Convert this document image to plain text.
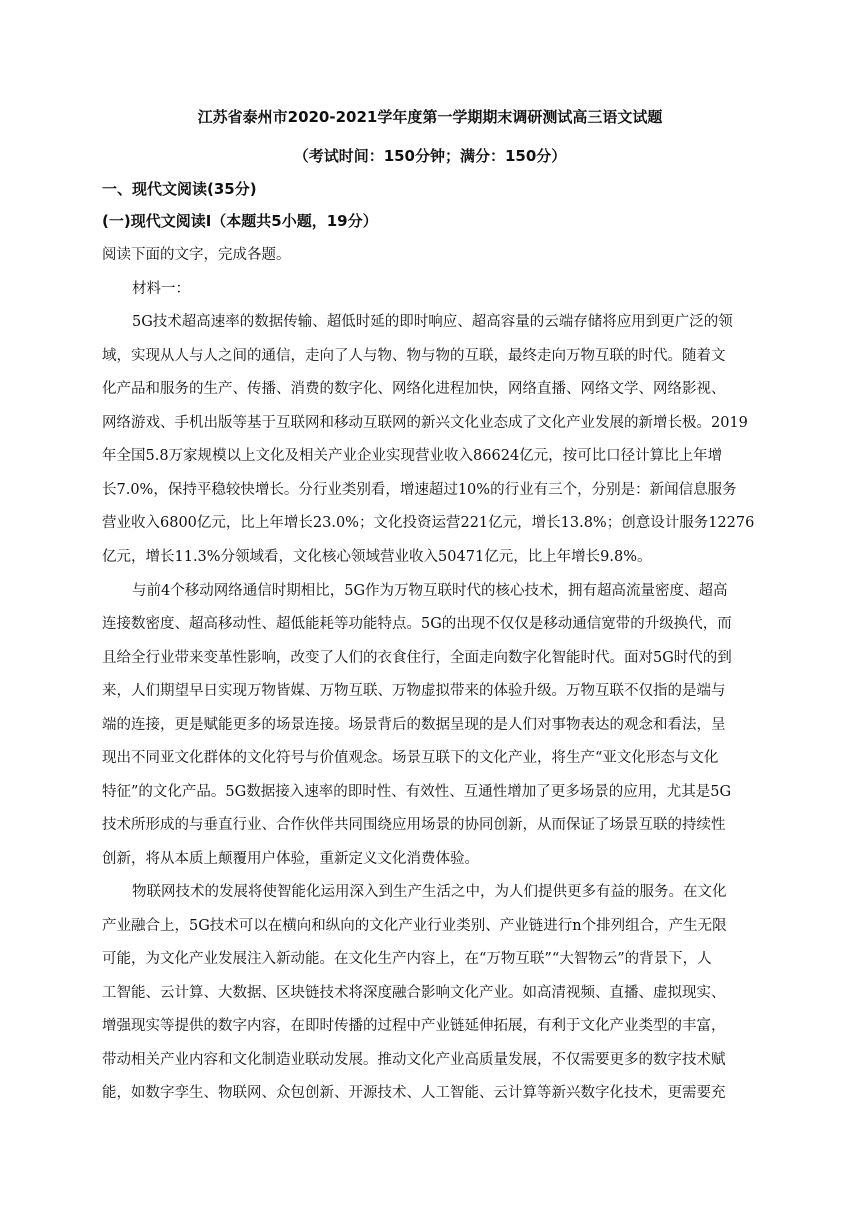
江苏省泰州市2020-2021学年度第一学期期末调研测试高三语文试题
（考试时间：150分钟；满分：150分）
一、现代文阅读(35分)
(一)现代文阅读Ⅰ（本题共5小题，19分）
阅读下面的文字，完成各题。
材料一：
5G技术超高速率的数据传输、超低时延的即时响应、超高容量的云端存储将应用到更广泛的领
域，实现从人与人之间的通信，走向了人与物、物与物的互联，最终走向万物互联的时代。随着文
化产品和服务的生产、传播、消费的数字化、网络化进程加快，网络直播、网络文学、网络影视、
网络游戏、手机出版等基于互联网和移动互联网的新兴文化业态成了文化产业发展的新增长极。2019
年全国5.8万家规模以上文化及相关产业企业实现营业收入86624亿元，按可比口径计算比上年增
长7.0%，保持平稳较快增长。分行业类别看，增速超过10%的行业有三个，分别是：新闻信息服务
营业收入6800亿元，比上年增长23.0%；文化投资运营221亿元，增长13.8%；创意设计服务12276
亿元，增长11.3%分领域看，文化核心领域营业收入50471亿元，比上年增长9.8%。
与前4个移动网络通信时期相比，5G作为万物互联时代的核心技术，拥有超高流量密度、超高
连接数密度、超高移动性、超低能耗等功能特点。5G的出现不仅仅是移动通信宽带的升级换代，而
且给全行业带来变革性影响，改变了人们的衣食住行，全面走向数字化智能时代。面对5G时代的到
来，人们期望早日实现万物皆媒、万物互联、万物虚拟带来的体验升级。万物互联不仅指的是端与
端的连接，更是赋能更多的场景连接。场景背后的数据呈现的是人们对事物表达的观念和看法，呈
现出不同亚文化群体的文化符号与价值观念。场景互联下的文化产业，将生产“亚文化形态与文化
特征”的文化产品。5G数据接入速率的即时性、有效性、互通性增加了更多场景的应用，尤其是5G
技术所形成的与垂直行业、合作伙伴共同围绕应用场景的协同创新，从而保证了场景互联的持续性
创新，将从本质上颠覆用户体验，重新定义文化消费体验。
物联网技术的发展将使智能化运用深入到生产生活之中，为人们提供更多有益的服务。在文化
产业融合上，5G技术可以在横向和纵向的文化产业行业类别、产业链进行n个排列组合，产生无限
可能，为文化产业发展注入新动能。在文化生产内容上，在“万物互联”“大智物云”的背景下，人
工智能、云计算、大数据、区块链技术将深度融合影响文化产业。如高清视频、直播、虚拟现实、
增强现实等提供的数字内容，在即时传播的过程中产业链延伸拓展，有利于文化产业类型的丰富，
带动相关产业内容和文化制造业联动发展。推动文化产业高质量发展，不仅需要更多的数字技术赋
能，如数字孪生、物联网、众包创新、开源技术、人工智能、云计算等新兴数字化技术，更需要充
